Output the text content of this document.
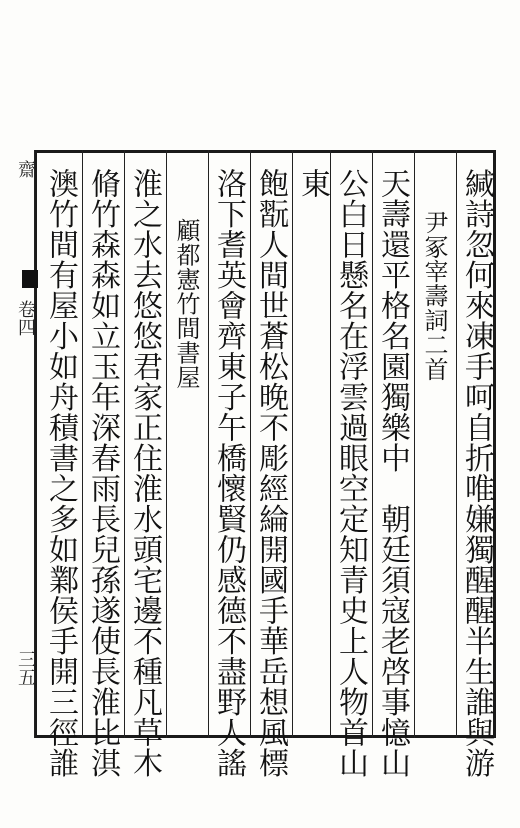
齋
卷四
三五	緘詩忽何來凍手呵自折唯嫌獨醒醒半生誰與游
尹冢宰壽詞二首
天壽還平格名園獨樂中　朝廷須寇老啓事憶山
公白日懸名在浮雲過眼空定知青史上人物首山
東
飽翫人間世蒼松晚不彫經綸開國手華岳想風標
洛下耆英會齊東子午橋懷賢仍感德不盡野人謠
顧都憲竹間書屋
淮之水去悠悠君家正住淮水頭宅邊不種凡草木
脩竹森森如立玉年深春雨長兒孫遂使長淮比淇
澳竹間有屋小如舟積書之多如鄴侯手開三徑誰
